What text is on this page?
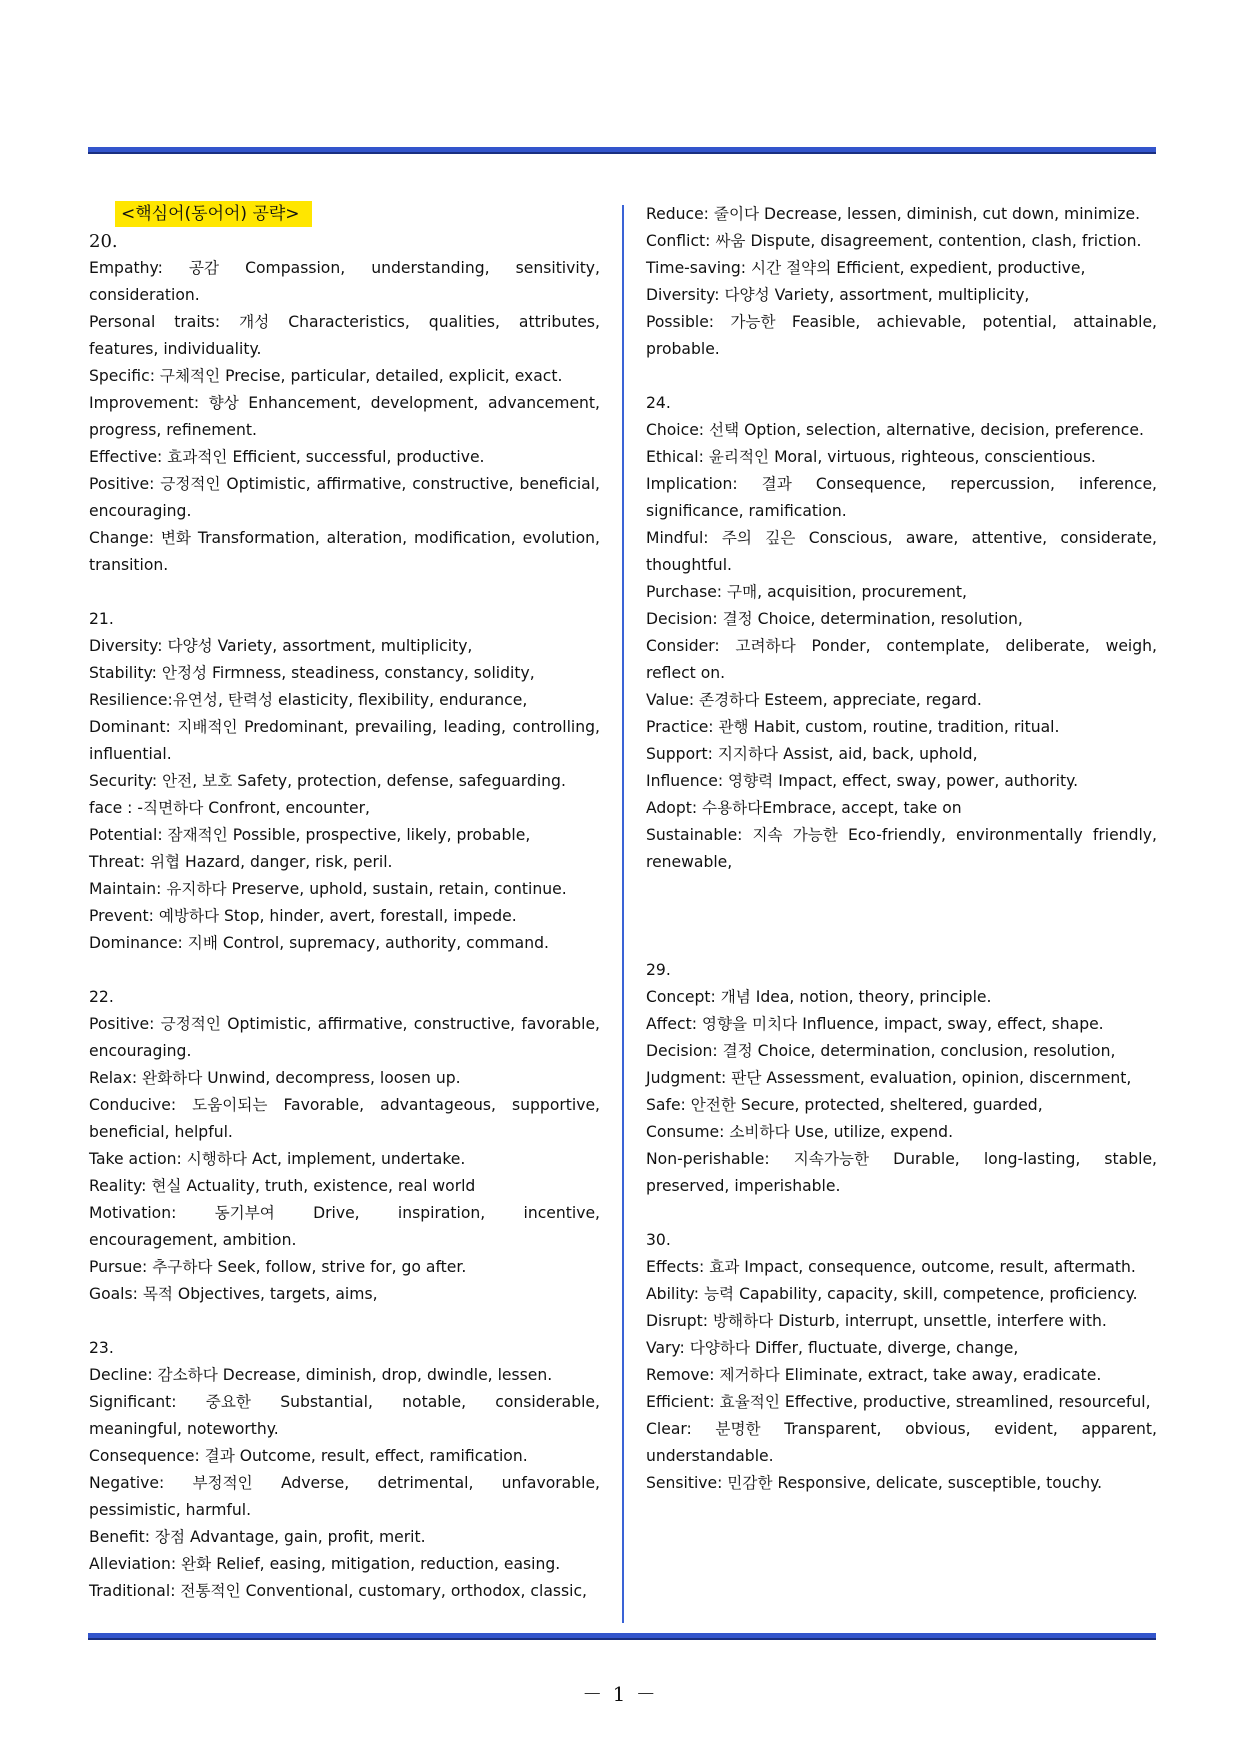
<핵심어(동어어) 공략>
20.
Empathy: 공감 Compassion, understanding, sensitivity, consideration.
Personal traits: 개성 Characteristics, qualities, attributes, features, individuality.
Specific: 구체적인 Precise, particular, detailed, explicit, exact.
Improvement: 향상 Enhancement, development, advancement, progress, refinement.
Effective: 효과적인 Efficient, successful, productive.
Positive: 긍정적인 Optimistic, affirmative, constructive, beneficial, encouraging.
Change: 변화 Transformation, alteration, modification, evolution, transition.
21.
Diversity: 다양성 Variety, assortment, multiplicity,
Stability: 안정성 Firmness, steadiness, constancy, solidity,
Resilience:유연성, 탄력성 elasticity, flexibility, endurance,
Dominant: 지배적인 Predominant, prevailing, leading, controlling, influential.
Security: 안전, 보호 Safety, protection, defense, safeguarding.
face : -직면하다 Confront, encounter,
Potential: 잠재적인 Possible, prospective, likely, probable,
Threat: 위협 Hazard, danger, risk, peril.
Maintain: 유지하다 Preserve, uphold, sustain, retain, continue.
Prevent: 예방하다 Stop, hinder, avert, forestall, impede.
Dominance: 지배 Control, supremacy, authority, command.
22.
Positive: 긍정적인 Optimistic, affirmative, constructive, favorable, encouraging.
Relax: 완화하다 Unwind, decompress, loosen up.
Conducive: 도움이되는 Favorable, advantageous, supportive, beneficial, helpful.
Take action: 시행하다 Act, implement, undertake.
Reality: 현실 Actuality, truth, existence, real world
Motivation: 동기부여 Drive, inspiration, incentive, encouragement, ambition.
Pursue: 추구하다 Seek, follow, strive for, go after.
Goals: 목적 Objectives, targets, aims,
23.
Decline: 감소하다 Decrease, diminish, drop, dwindle, lessen.
Significant: 중요한 Substantial, notable, considerable, meaningful, noteworthy.
Consequence: 결과 Outcome, result, effect, ramification.
Negative: 부정적인 Adverse, detrimental, unfavorable, pessimistic, harmful.
Benefit: 장점 Advantage, gain, profit, merit.
Alleviation: 완화 Relief, easing, mitigation, reduction, easing.
Traditional: 전통적인 Conventional, customary, orthodox, classic,
Reduce: 줄이다 Decrease, lessen, diminish, cut down, minimize.
Conflict: 싸움 Dispute, disagreement, contention, clash, friction.
Time-saving: 시간 절약의 Efficient, expedient, productive,
Diversity: 다양성 Variety, assortment, multiplicity,
Possible: 가능한 Feasible, achievable, potential, attainable, probable.
24.
Choice: 선택 Option, selection, alternative, decision, preference.
Ethical: 윤리적인 Moral, virtuous, righteous, conscientious.
Implication: 결과 Consequence, repercussion, inference, significance, ramification.
Mindful: 주의 깊은 Conscious, aware, attentive, considerate, thoughtful.
Purchase: 구매, acquisition, procurement,
Decision: 결정 Choice, determination, resolution,
Consider: 고려하다 Ponder, contemplate, deliberate, weigh, reflect on.
Value: 존경하다 Esteem, appreciate, regard.
Practice: 관행 Habit, custom, routine, tradition, ritual.
Support: 지지하다 Assist, aid, back, uphold,
Influence: 영향력 Impact, effect, sway, power, authority.
Adopt: 수용하다Embrace, accept, take on
Sustainable: 지속 가능한 Eco-friendly, environmentally friendly, renewable,
29.
Concept: 개념 Idea, notion, theory, principle.
Affect: 영향을 미치다 Influence, impact, sway, effect, shape.
Decision: 결정 Choice, determination, conclusion, resolution,
Judgment: 판단 Assessment, evaluation, opinion, discernment,
Safe: 안전한 Secure, protected, sheltered, guarded,
Consume: 소비하다 Use, utilize, expend.
Non-perishable: 지속가능한 Durable, long-lasting, stable, preserved, imperishable.
30.
Effects: 효과 Impact, consequence, outcome, result, aftermath.
Ability: 능력 Capability, capacity, skill, competence, proficiency.
Disrupt: 방해하다 Disturb, interrupt, unsettle, interfere with.
Vary: 다양하다 Differ, fluctuate, diverge, change,
Remove: 제거하다 Eliminate, extract, take away, eradicate.
Efficient: 효율적인 Effective, productive, streamlined, resourceful,
Clear: 분명한 Transparent, obvious, evident, apparent, understandable.
Sensitive: 민감한 Responsive, delicate, susceptible, touchy.
－ 1 －
